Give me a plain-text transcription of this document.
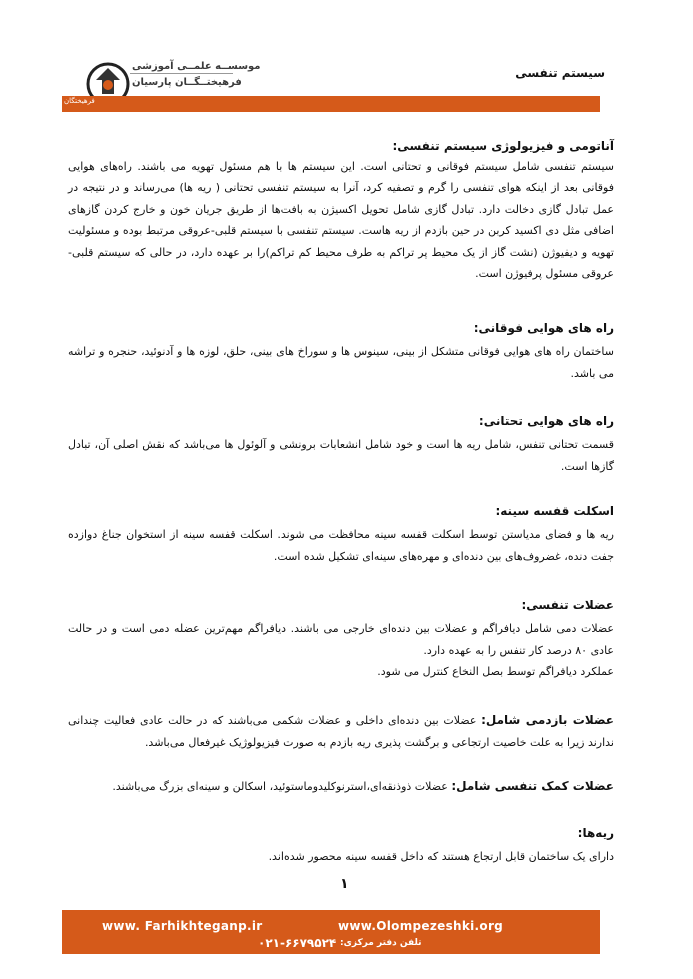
سیستم تنفسی
موسســه علمــی آموزشی
فرهیختــگــان پارسیان
فرهیختگان
آناتومی و فیزیولوژی سیستم تنفسی:

سیستم تنفسی شامل سیستم فوقانی و تحتانی است. این سیستم ها با هم مسئول تهویه می باشند. راه‌های هوایی فوقانی بعد از اینکه هوای تنفسی را گرم و تصفیه کرد، آنرا به سیستم تنفسی تحتانی ( ریه ها) می‌رساند و در نتیجه در عمل تبادل گازی دخالت دارد. تبادل گازی شامل تحویل اکسیژن به بافت‌ها از طریق جریان خون و خارج کردن گازهای اضافی مثل دی اکسید کربن در حین بازدم از ریه هاست. سیستم تنفسی با سیستم قلبی-عروقی مرتبط بوده و مسئولیت تهویه و دیفیوژن (نشت گاز از یک محیط پر تراکم به طرف محیط کم تراکم)را بر عهده دارد، در حالی که سیستم قلبی-عروقی مسئول پرفیوژن است.

راه های هوایی فوقانی:

ساختمان راه های هوایی فوقانی متشکل از بینی، سینوس ها و سوراخ های بینی، حلق، لوزه ها و آدنوئید، حنجره و تراشه می باشد.

راه های هوایی تحتانی:

قسمت تحتانی تنفس، شامل ریه ها است و خود شامل انشعابات برونشی و آلوئول ها می‌باشد که نقش اصلی آن، تبادل گازها است.

اسکلت قفسه سینه:

ریه ها و فضای مدیاستن توسط اسکلت قفسه سینه محافظت می شوند. اسکلت قفسه سینه از استخوان جناغ دوازده جفت دنده، غضروف‌های بین دنده‌ای و مهره‌های سینه‌ای تشکیل شده است.

عضلات تنفسی:

عضلات دمی شامل دیافراگم و عضلات بین دنده‌ای خارجی می باشند. دیافراگم مهم‌ترین عضله دمی است و در حالت عادی ۸۰ درصد کار تنفس را به عهده دارد.

عملکرد دیافراگم توسط بصل النخاع کنترل می شود.

عضلات بازدمی شامل: عضلات بین دنده‌ای داخلی و عضلات شکمی می‌باشند که در حالت عادی فعالیت چندانی ندارند زیرا به علت خاصیت ارتجاعی و برگشت پذیری ریه بازدم به صورت فیزیولوژیک غیرفعال می‌باشد.

عضلات کمک تنفسی شامل: عضلات ذوذنقه‌ای،استرنوکلیدوماستوئید، اسکالن و سینه‌ای بزرگ می‌باشند.

ریه‌ها:

دارای یک ساختمان قابل ارتجاع هستند که داخل قفسه سینه محصور شده‌اند.

۱
www. Farhikhteganp.ir	www.Olompezeshki.org
تلفن دفتر مرکزی:
۰۲۱-۶۶۷۹۵۲۴
